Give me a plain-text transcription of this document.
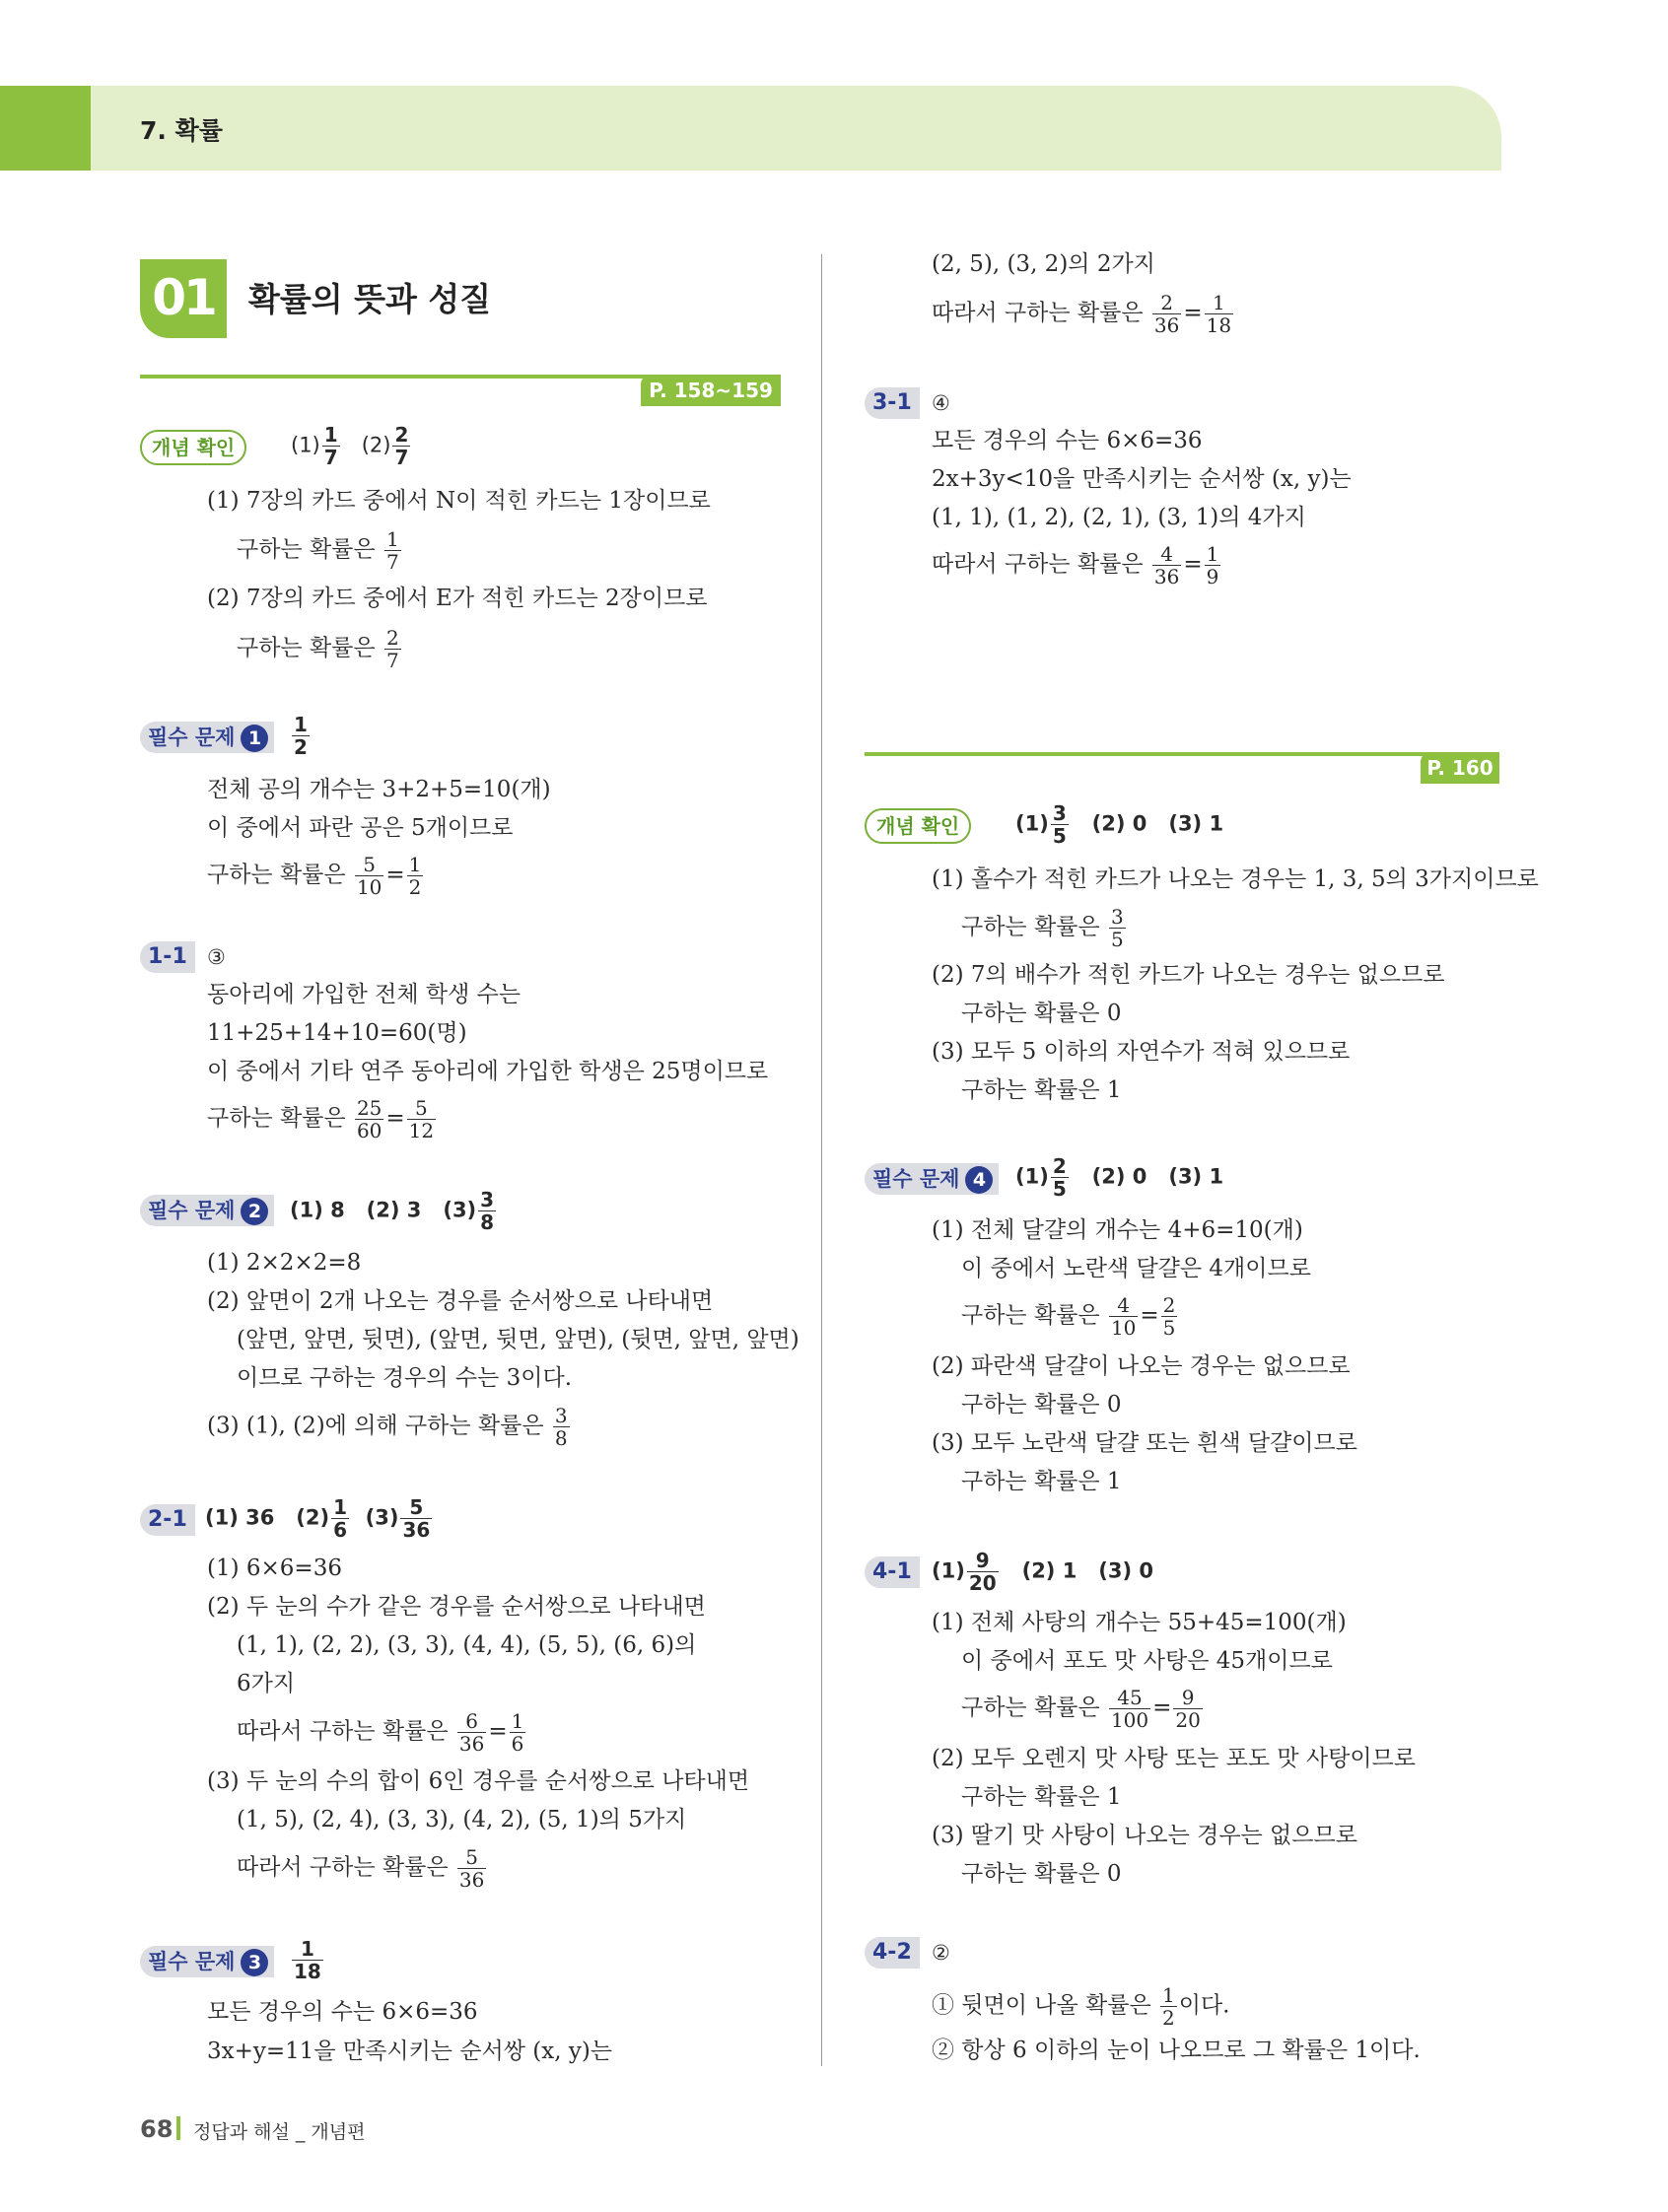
7. 확률
01	확률의 뜻과 성질
P. 158~159
개념 확인	$(1) \frac{1}{7} (2) \frac{2}{7}$
(1) 7장의 카드 중에서 N이 적힌 카드는 1장이므로
구하는 확률은 $\frac{1}{7}$
(2) 7장의 카드 중에서 E가 적힌 카드는 2장이므로
구하는 확률은 $\frac{2}{7}$
필수 문제 1	$\frac{1}{2}$
전체 공의 개수는 3+2+5=10(개)
이 중에서 파란 공은 5개이므로
구하는 확률은 $\frac{5}{10} = \frac{1}{2}$
1-1 ③
동아리에 가입한 전체 학생 수는
11+25+14+10=60(명)
이 중에서 기타 연주 동아리에 가입한 학생은 25명이므로
구하는 확률은 $\frac{25}{60} = \frac{5}{12}$
필수 문제 2	(1) 8 (2) 3 $(3) \frac{3}{8}$
(1) 2×2×2=8
(2) 앞면이 2개 나오는 경우를 순서쌍으로 나타내면
(앞면, 앞면, 뒷면), (앞면, 뒷면, 앞면), (뒷면, 앞면, 앞면)
이므로 구하는 경우의 수는 3이다.
(3) (1), (2)에 의해 구하는 확률은 $\frac{3}{8}$
2-1 (1) 36 $(2) \frac{1}{6} (3) \frac{5}{36}$
(1) 6×6=36
(2) 두 눈의 수가 같은 경우를 순서쌍으로 나타내면
(1, 1), (2, 2), (3, 3), (4, 4), (5, 5), (6, 6)의
6가지
따라서 구하는 확률은 $\frac{6}{36} = \frac{1}{6}$
(3) 두 눈의 수의 합이 6인 경우를 순서쌍으로 나타내면
(1, 5), (2, 4), (3, 3), (4, 2), (5, 1)의 5가지
따라서 구하는 확률은 $\frac{5}{36}$
필수 문제 3	$\frac{1}{18}$
모든 경우의 수는 6×6=36
3x+y=11을 만족시키는 순서쌍 (x, y)는
(2, 5), (3, 2)의 2가지
따라서 구하는 확률은 $\frac{2}{36} = \frac{1}{18}$
3-1 ④
모든 경우의 수는 6×6=36
2x+3y<10을 만족시키는 순서쌍 (x, y)는
(1, 1), (1, 2), (2, 1), (3, 1)의 4가지
따라서 구하는 확률은 $\frac{4}{36} = \frac{1}{9}$
P. 160
개념 확인	$(1) \frac{3}{5} (2)$ 0 (3) 1
(1) 홀수가 적힌 카드가 나오는 경우는 1, 3, 5의 3가지이므로
구하는 확률은 $\frac{3}{5}$
(2) 7의 배수가 적힌 카드가 나오는 경우는 없으므로
구하는 확률은 0
(3) 모두 5 이하의 자연수가 적혀 있으므로
구하는 확률은 1
필수 문제 4	$(1) \frac{2}{5} (2)$ 0 (3) 1
(1) 전체 달걀의 개수는 4+6=10(개)
이 중에서 노란색 달걀은 4개이므로
구하는 확률은 $\frac{4}{10} = \frac{2}{5}$
(2) 파란색 달걀이 나오는 경우는 없으므로
구하는 확률은 0
(3) 모두 노란색 달걀 또는 흰색 달걀이므로
구하는 확률은 1
4-1 $(1) \frac{9}{20} (2)$ 1 (3) 0
(1) 전체 사탕의 개수는 55+45=100(개)
이 중에서 포도 맛 사탕은 45개이므로
구하는 확률은 $\frac{45}{100} = \frac{9}{20}$
(2) 모두 오렌지 맛 사탕 또는 포도 맛 사탕이므로
구하는 확률은 1
(3) 딸기 맛 사탕이 나오는 경우는 없으므로
구하는 확률은 0
4-2 ②
① 뒷면이 나올 확률은 $\frac{1}{2}$ 이다.
② 항상 6 이하의 눈이 나오므로 그 확률은 1이다.
68 정답과 해설 _ 개념편
